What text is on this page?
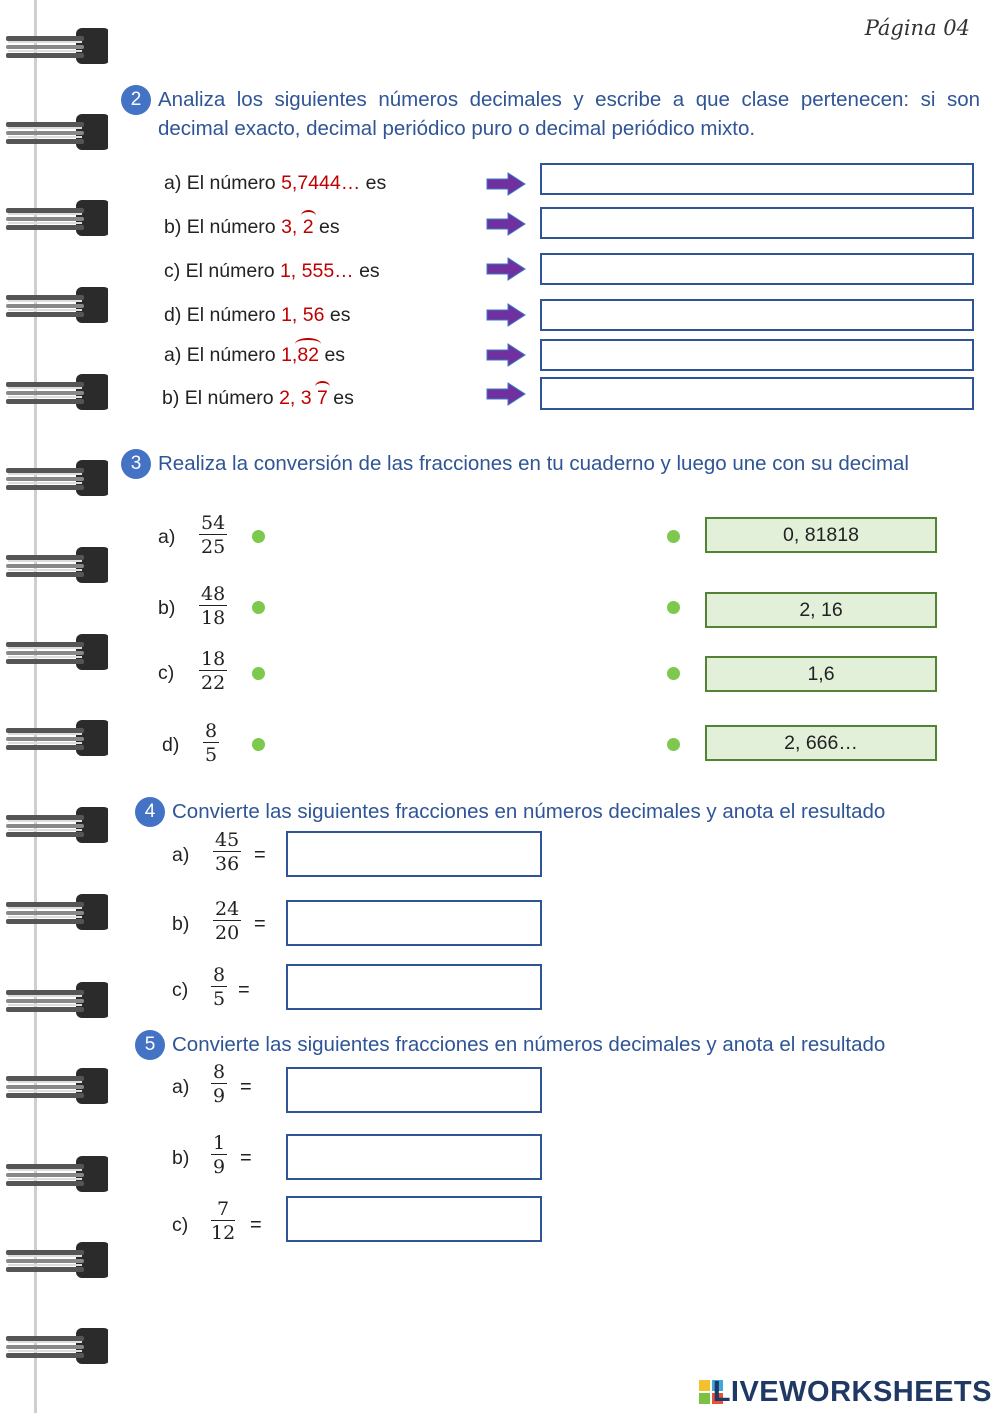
Página 04
2 Analiza los siguientes números decimales y escribe a que clase pertenecen: si son decimal exacto, decimal periódico puro o decimal periódico mixto.
a) El número 5,7444… es
b) El número 3, 2 es
c) El número 1, 555… es
d) El número 1, 56 es
a) El número 1,82 es
b) El número 2, 3 7 es
3 Realiza la conversión de las fracciones en tu cuaderno y luego une con su decimal
$a) \frac{54}{25}$
$b) \frac{48}{18}$
$c) \frac{18}{22}$
$d) \frac{8}{5}$
0, 81818
2, 16
1,6
2, 666…
4 Convierte las siguientes fracciones en números decimales y anota el resultado
$a) \frac{45}{36}$ =
$b) \frac{24}{20}$ =
$c) \frac{8}{5}$ =
5 Convierte las siguientes fracciones en números decimales y anota el resultado
$a) \frac{8}{9}$ =
$b) \frac{1}{9}$ =
$c) \frac{7}{12}$ =
LIVEWORKSHEETS
